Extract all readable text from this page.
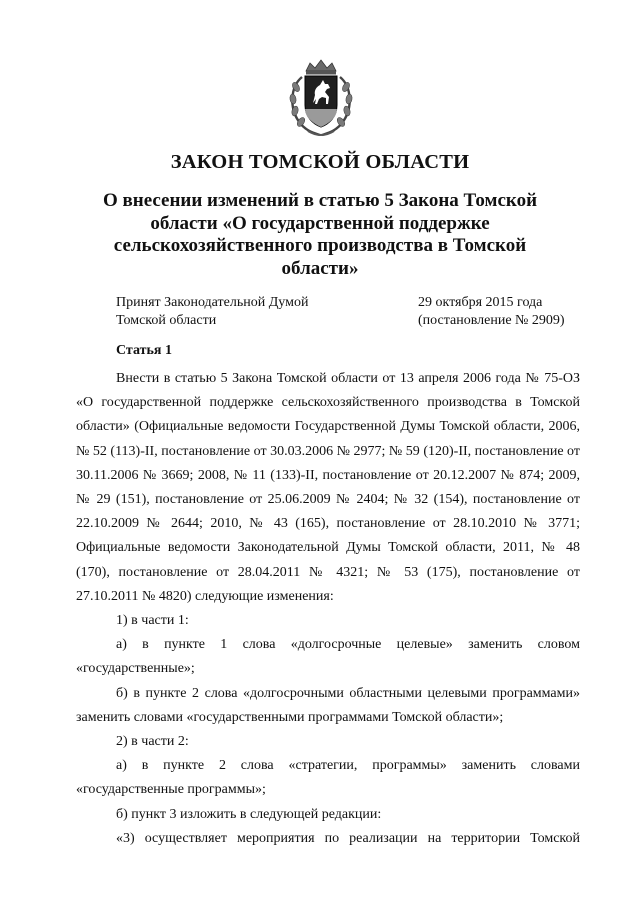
ЗАКОН ТОМСКОЙ ОБЛАСТИ
О внесении изменений в статью 5 Закона Томской области «О государственной поддержке сельскохозяйственного производства в Томской области»
Принят Законодательной Думой
Томской области
29 октября 2015 года
(постановление № 2909)
Статья 1

Внести в статью 5 Закона Томской области от 13 апреля 2006 года № 75-ОЗ «О государственной поддержке сельскохозяйственного производства в Томской области» (Официальные ведомости Государственной Думы Томской области, 2006, № 52 (113)-II, постановление от 30.03.2006 № 2977; № 59 (120)-II, постановление от 30.11.2006 № 3669; 2008, № 11 (133)-II, постановление от 20.12.2007 № 874; 2009, № 29 (151), постановление от 25.06.2009 № 2404; № 32 (154), постановление от 22.10.2009 № 2644; 2010, № 43 (165), постановление от 28.10.2010 № 3771; Официальные ведомости Законодательной Думы Томской области, 2011, № 48 (170), постановление от 28.04.2011 № 4321; № 53 (175), постановление от 27.10.2011 № 4820) следующие изменения:

1) в части 1:

а) в пункте 1 слова «долгосрочные целевые» заменить словом «государственные»;

б) в пункте 2 слова «долгосрочными областными целевыми программами» заменить словами «государственными программами Томской области»;

2) в части 2:

а) в пункте 2 слова «стратегии, программы» заменить словами «государственные программы»;

б) пункт 3 изложить в следующей редакции:

«3) осуществляет мероприятия по реализации на территории Томской
